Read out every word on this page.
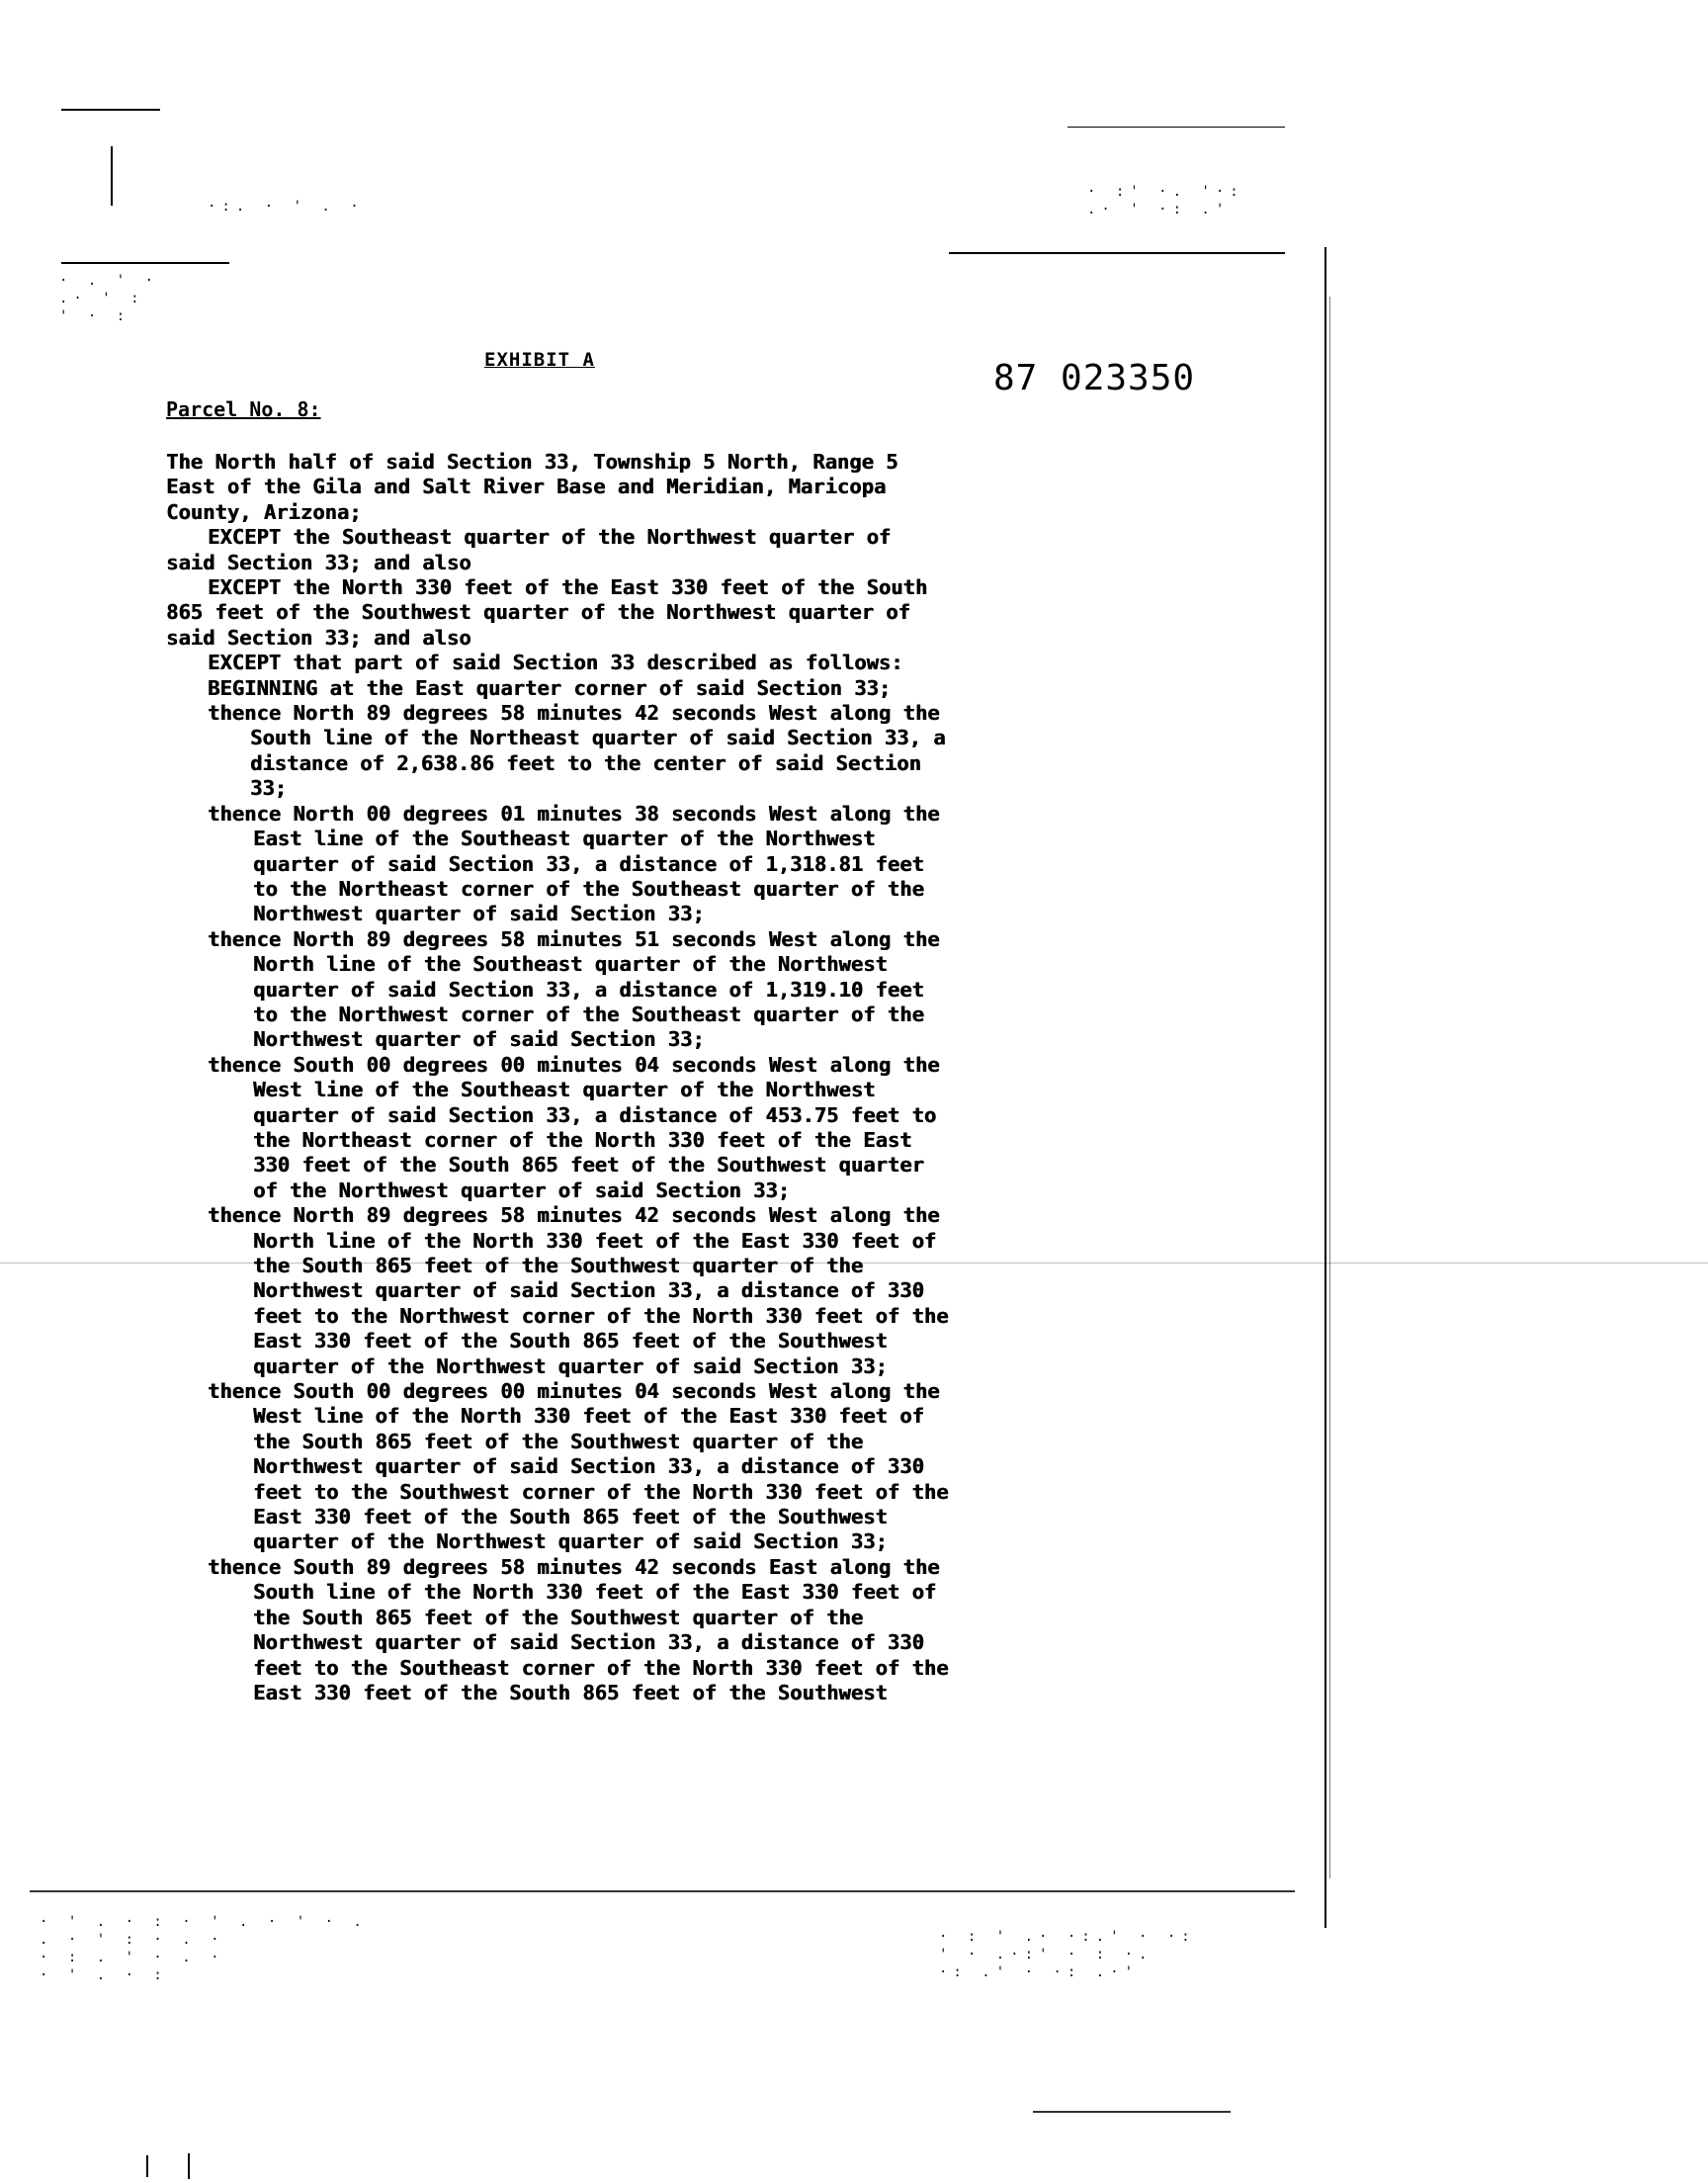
· . ' ·
.· ' :
' · :
·:. · ' . ·
· :' ·. '·:
.· ' ·: .'
· ' . · : · ' . · ' · .
. · ' : · . ·
· : . ' · . ·
· ' . · :
· : ' .· ·:.' · ·:
' · .·:' · : ·.
·: .' · ·: .·'
EXHIBIT A	87 023350
Parcel No. 8:
The North half of said Section 33, Township 5 North, Range 5
East of the Gila and Salt River Base and Meridian, Maricopa
County, Arizona;
EXCEPT the Southeast quarter of the Northwest quarter of
said Section 33; and also
EXCEPT the North 330 feet of the East 330 feet of the South
865 feet of the Southwest quarter of the Northwest quarter of
said Section 33; and also
EXCEPT that part of said Section 33 described as follows:
BEGINNING at the East quarter corner of said Section 33;
thence North 89 degrees 58 minutes 42 seconds West along the
South line of the Northeast quarter of said Section 33, a
distance of 2,638.86 feet to the center of said Section
33;
thence North 00 degrees 01 minutes 38 seconds West along the
East line of the Southeast quarter of the Northwest
quarter of said Section 33, a distance of 1,318.81 feet
to the Northeast corner of the Southeast quarter of the
Northwest quarter of said Section 33;
thence North 89 degrees 58 minutes 51 seconds West along the
North line of the Southeast quarter of the Northwest
quarter of said Section 33, a distance of 1,319.10 feet
to the Northwest corner of the Southeast quarter of the
Northwest quarter of said Section 33;
thence South 00 degrees 00 minutes 04 seconds West along the
West line of the Southeast quarter of the Northwest
quarter of said Section 33, a distance of 453.75 feet to
the Northeast corner of the North 330 feet of the East
330 feet of the South 865 feet of the Southwest quarter
of the Northwest quarter of said Section 33;
thence North 89 degrees 58 minutes 42 seconds West along the
North line of the North 330 feet of the East 330 feet of
the South 865 feet of the Southwest quarter of the
Northwest quarter of said Section 33, a distance of 330
feet to the Northwest corner of the North 330 feet of the
East 330 feet of the South 865 feet of the Southwest
quarter of the Northwest quarter of said Section 33;
thence South 00 degrees 00 minutes 04 seconds West along the
West line of the North 330 feet of the East 330 feet of
the South 865 feet of the Southwest quarter of the
Northwest quarter of said Section 33, a distance of 330
feet to the Southwest corner of the North 330 feet of the
East 330 feet of the South 865 feet of the Southwest
quarter of the Northwest quarter of said Section 33;
thence South 89 degrees 58 minutes 42 seconds East along the
South line of the North 330 feet of the East 330 feet of
the South 865 feet of the Southwest quarter of the
Northwest quarter of said Section 33, a distance of 330
feet to the Southeast corner of the North 330 feet of the
East 330 feet of the South 865 feet of the Southwest
